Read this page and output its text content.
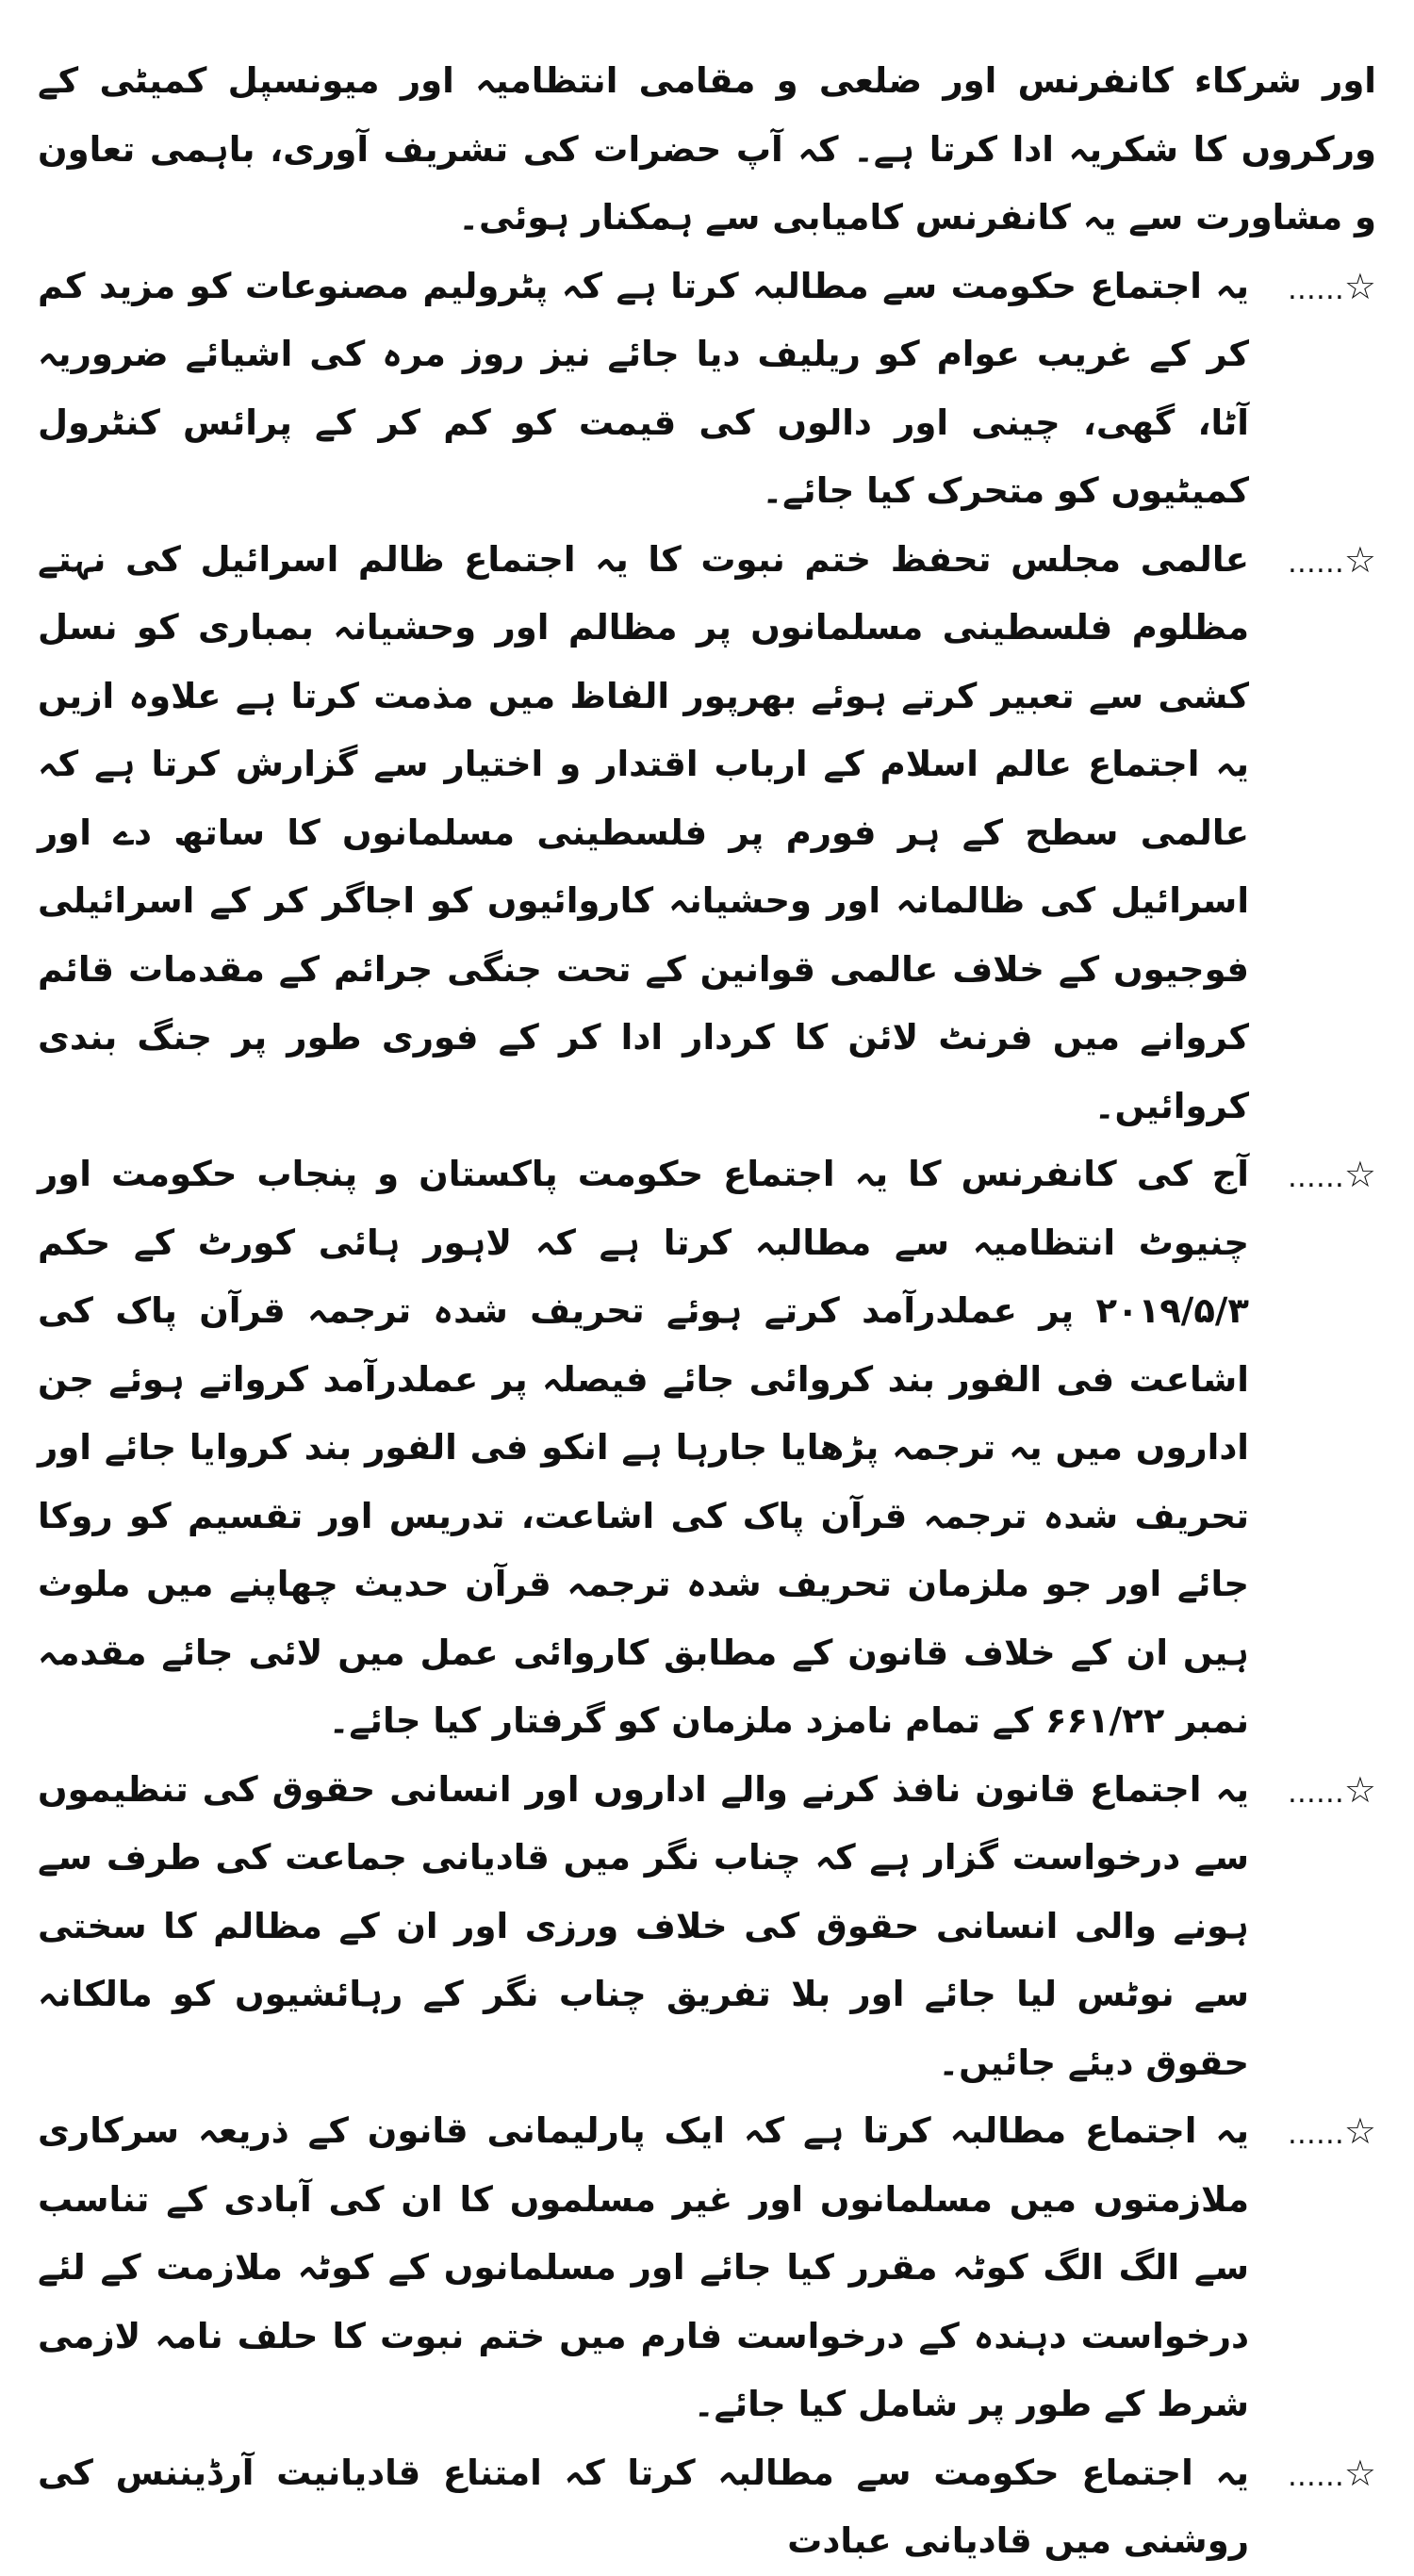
اور شرکاء کانفرنس اور ضلعی و مقامی انتظامیہ اور میونسپل کمیٹی کے ورکروں کا شکریہ ادا کرتا ہے۔ کہ آپ حضرات کی تشریف آوری، باہمی تعاون و مشاورت سے یہ کانفرنس کامیابی سے ہمکنار ہوئی۔

……☆
یہ اجتماع حکومت سے مطالبہ کرتا ہے کہ پٹرولیم مصنوعات کو مزید کم کر کے غریب عوام کو ریلیف دیا جائے نیز روز مرہ کی اشیائے ضروریہ آٹا، گھی، چینی اور دالوں کی قیمت کو کم کر کے پرائس کنٹرول کمیٹیوں کو متحرک کیا جائے۔

……☆
عالمی مجلس تحفظ ختم نبوت کا یہ اجتماع ظالم اسرائیل کی نہتے مظلوم فلسطینی مسلمانوں پر مظالم اور وحشیانہ بمباری کو نسل کشی سے تعبیر کرتے ہوئے بھرپور الفاظ میں مذمت کرتا ہے علاوہ ازیں یہ اجتماع عالم اسلام کے ارباب اقتدار و اختیار سے گزارش کرتا ہے کہ عالمی سطح کے ہر فورم پر فلسطینی مسلمانوں کا ساتھ دے اور اسرائیل کی ظالمانہ اور وحشیانہ کاروائیوں کو اجاگر کر کے اسرائیلی فوجیوں کے خلاف عالمی قوانین کے تحت جنگی جرائم کے مقدمات قائم کروانے میں فرنٹ لائن کا کردار ادا کر کے فوری طور پر جنگ بندی کروائیں۔

……☆
آج کی کانفرنس کا یہ اجتماع حکومت پاکستان و پنجاب حکومت اور چنیوٹ انتظامیہ سے مطالبہ کرتا ہے کہ لاہور ہائی کورٹ کے حکم ۲۰۱۹/۵/۳ پر عملدرآمد کرتے ہوئے تحریف شدہ ترجمہ قرآن پاک کی اشاعت فی الفور بند کروائی جائے فیصلہ پر عملدرآمد کرواتے ہوئے جن اداروں میں یہ ترجمہ پڑھایا جارہا ہے انکو فی الفور بند کروایا جائے اور تحریف شدہ ترجمہ قرآن پاک کی اشاعت، تدریس اور تقسیم کو روکا جائے اور جو ملزمان تحریف شدہ ترجمہ قرآن حدیث چھاپنے میں ملوث ہیں ان کے خلاف قانون کے مطابق کاروائی عمل میں لائی جائے مقدمہ نمبر ۶۶۱/۲۲ کے تمام نامزد ملزمان کو گرفتار کیا جائے۔

……☆
یہ اجتماع قانون نافذ کرنے والے اداروں اور انسانی حقوق کی تنظیموں سے درخواست گزار ہے کہ چناب نگر میں قادیانی جماعت کی طرف سے ہونے والی انسانی حقوق کی خلاف ورزی اور ان کے مظالم کا سختی سے نوٹس لیا جائے اور بلا تفریق چناب نگر کے رہائشیوں کو مالکانہ حقوق دیئے جائیں۔

……☆
یہ اجتماع مطالبہ کرتا ہے کہ ایک پارلیمانی قانون کے ذریعہ سرکاری ملازمتوں میں مسلمانوں اور غیر مسلموں کا ان کی آبادی کے تناسب سے الگ الگ کوٹہ مقرر کیا جائے اور مسلمانوں کے کوٹہ ملازمت کے لئے درخواست دہندہ کے درخواست فارم میں ختم نبوت کا حلف نامہ لازمی شرط کے طور پر شامل کیا جائے۔

……☆
یہ اجتماع حکومت سے مطالبہ کرتا کہ امتناع قادیانیت آرڈیننس کی روشنی میں قادیانی عبادت
